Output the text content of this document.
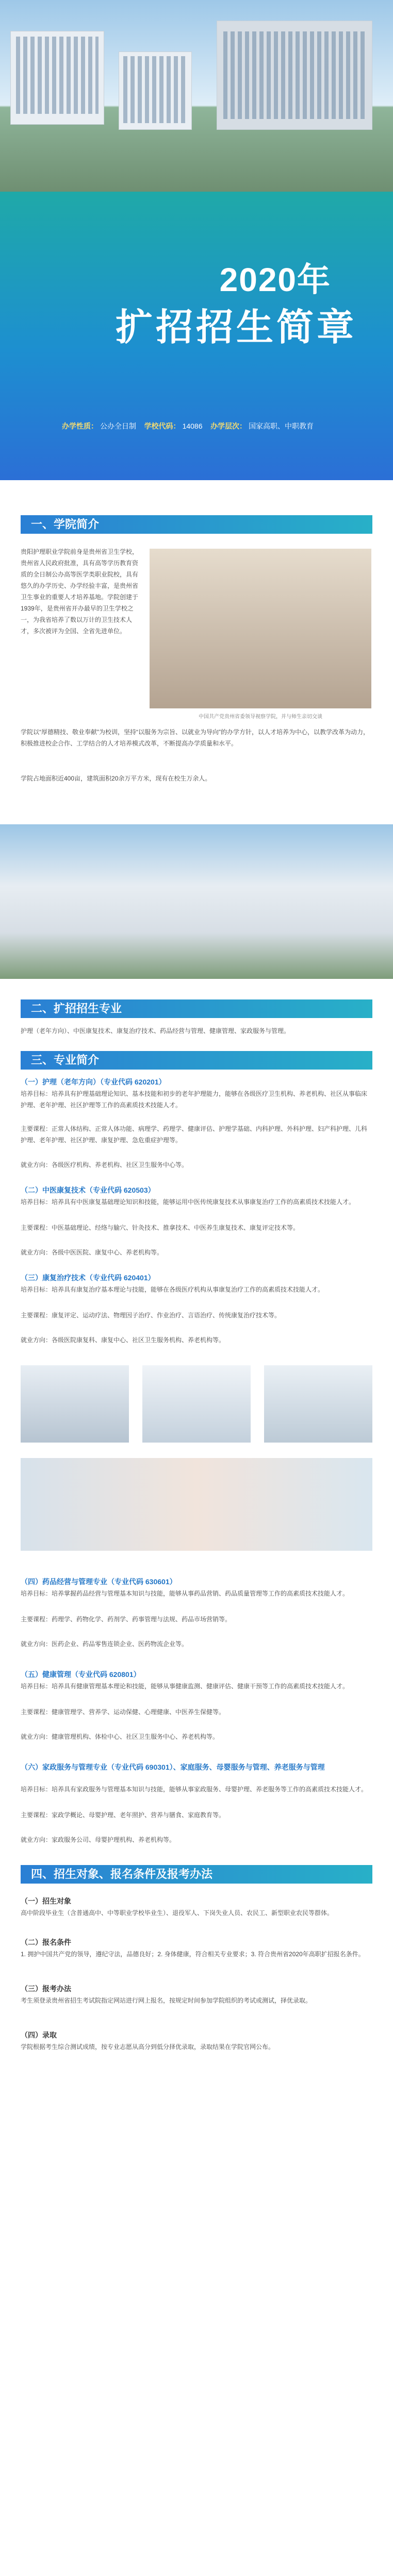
2020年
扩招招生简章
办学性质： 公办全日制 学校代码： 14086 办学层次： 国家高职、中职教育
一、学院简介
贵阳护理职业学院前身是贵州省卫生学校，贵州省人民政府批准，具有高等学历教育资质的全日制公办高等医学类职业院校，具有悠久的办学历史、办学经验丰富，是贵州省卫生事业的重要人才培养基地。学院创建于1939年，是贵州省开办最早的卫生学校之一，为我省培养了数以万计的卫生技术人才，多次被评为全国、全省先进单位。
中国共产党贵州省委领导视察学院，并与师生亲切交谈
学院以“厚德精技、敬业奉献”为校训，坚持“以服务为宗旨、以就业为导向”的办学方针，以人才培养为中心，以教学改革为动力，积极推进校企合作、工学结合的人才培养模式改革，不断提高办学质量和水平。
学院占地面积近400亩，建筑面积20余万平方米，现有在校生万余人。
二、扩招招生专业
护理（老年方向）、中医康复技术、康复治疗技术、药品经营与管理、健康管理、家政服务与管理。
三、专业简介
（一）护理（老年方向）（专业代码 620201）
培养目标：培养具有护理基础理论知识、基本技能和初步的老年护理能力，能够在各级医疗卫生机构、养老机构、社区从事临床护理、老年护理、社区护理等工作的高素质技术技能人才。
主要课程：正常人体结构、正常人体功能、病理学、药理学、健康评估、护理学基础、内科护理、外科护理、妇产科护理、儿科护理、老年护理、社区护理、康复护理、急危重症护理等。
就业方向：各级医疗机构、养老机构、社区卫生服务中心等。
（二）中医康复技术（专业代码 620503）
培养目标：培养具有中医康复基础理论知识和技能，能够运用中医传统康复技术从事康复治疗工作的高素质技术技能人才。
主要课程：中医基础理论、经络与腧穴、针灸技术、推拿技术、中医养生康复技术、康复评定技术等。
就业方向：各级中医医院、康复中心、养老机构等。
（三）康复治疗技术（专业代码 620401）
培养目标：培养具有康复治疗基本理论与技能，能够在各级医疗机构从事康复治疗工作的高素质技术技能人才。
主要课程：康复评定、运动疗法、物理因子治疗、作业治疗、言语治疗、传统康复治疗技术等。
就业方向：各级医院康复科、康复中心、社区卫生服务机构、养老机构等。
（四）药品经营与管理专业（专业代码 630601）
培养目标：培养掌握药品经营与管理基本知识与技能，能够从事药品营销、药品质量管理等工作的高素质技术技能人才。
主要课程：药理学、药物化学、药剂学、药事管理与法规、药品市场营销等。
就业方向：医药企业、药品零售连锁企业、医药物流企业等。
（五）健康管理（专业代码 620801）
培养目标：培养具有健康管理基本理论和技能，能够从事健康监测、健康评估、健康干预等工作的高素质技术技能人才。
主要课程：健康管理学、营养学、运动保健、心理健康、中医养生保健等。
就业方向：健康管理机构、体检中心、社区卫生服务中心、养老机构等。
（六）家政服务与管理专业（专业代码 690301）、家庭服务、母婴服务与管理、养老服务与管理
培养目标：培养具有家政服务与管理基本知识与技能，能够从事家政服务、母婴护理、养老服务等工作的高素质技术技能人才。
主要课程：家政学概论、母婴护理、老年照护、营养与膳食、家庭教育等。
就业方向：家政服务公司、母婴护理机构、养老机构等。
四、招生对象、报名条件及报考办法
（一）招生对象
高中阶段毕业生（含普通高中、中等职业学校毕业生）、退役军人、下岗失业人员、农民工、新型职业农民等群体。
（二）报名条件
1. 拥护中国共产党的领导，遵纪守法，品德良好；2. 身体健康，符合相关专业要求；3. 符合贵州省2020年高职扩招报名条件。
（三）报考办法
考生须登录贵州省招生考试院指定网站进行网上报名，按规定时间参加学院组织的考试或测试，择优录取。
（四）录取
学院根据考生综合测试成绩，按专业志愿从高分到低分择优录取，录取结果在学院官网公布。
